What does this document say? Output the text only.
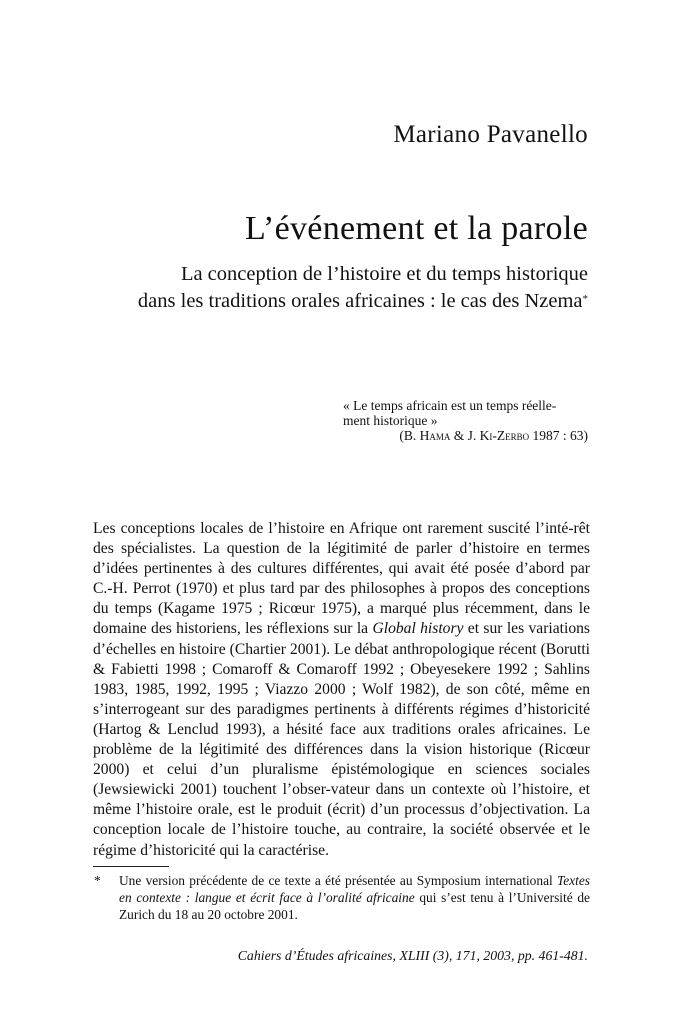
Mariano Pavanello

L’événement et la parole

La conception de l’histoire et du temps historique
dans les traditions orales africaines : le cas des Nzema*

« Le temps africain est un temps réelle-
ment historique »

(B. Hama & J. Ki-Zerbo 1987 : 63)

Les conceptions locales de l’histoire en Afrique ont rarement suscité l’inté-rêt des spécialistes. La question de la légitimité de parler d’histoire en termes d’idées pertinentes à des cultures différentes, qui avait été posée d’abord par C.-H. Perrot (1970) et plus tard par des philosophes à propos des conceptions du temps (Kagame 1975 ; Ricœur 1975), a marqué plus récemment, dans le domaine des historiens, les réflexions sur la Global history et sur les variations d’échelles en histoire (Chartier 2001). Le débat anthropologique récent (Borutti & Fabietti 1998 ; Comaroff & Comaroff 1992 ; Obeyesekere 1992 ; Sahlins 1983, 1985, 1992, 1995 ; Viazzo 2000 ; Wolf 1982), de son côté, même en s’interrogeant sur des paradigmes pertinents à différents régimes d’historicité (Hartog & Lenclud 1993), a hésité face aux traditions orales africaines. Le problème de la légitimité des différences dans la vision historique (Ricœur 2000) et celui d’un pluralisme épistémologique en sciences sociales (Jewsiewicki 2001) touchent l’obser-vateur dans un contexte où l’histoire, et même l’histoire orale, est le produit (écrit) d’un processus d’objectivation. La conception locale de l’histoire touche, au contraire, la société observée et le régime d’historicité qui la caractérise.

* Une version précédente de ce texte a été présentée au Symposium international Textes en contexte : langue et écrit face à l’oralité africaine qui s’est tenu à l’Université de Zurich du 18 au 20 octobre 2001.

Cahiers d’Études africaines, XLIII (3), 171, 2003, pp. 461-481.
